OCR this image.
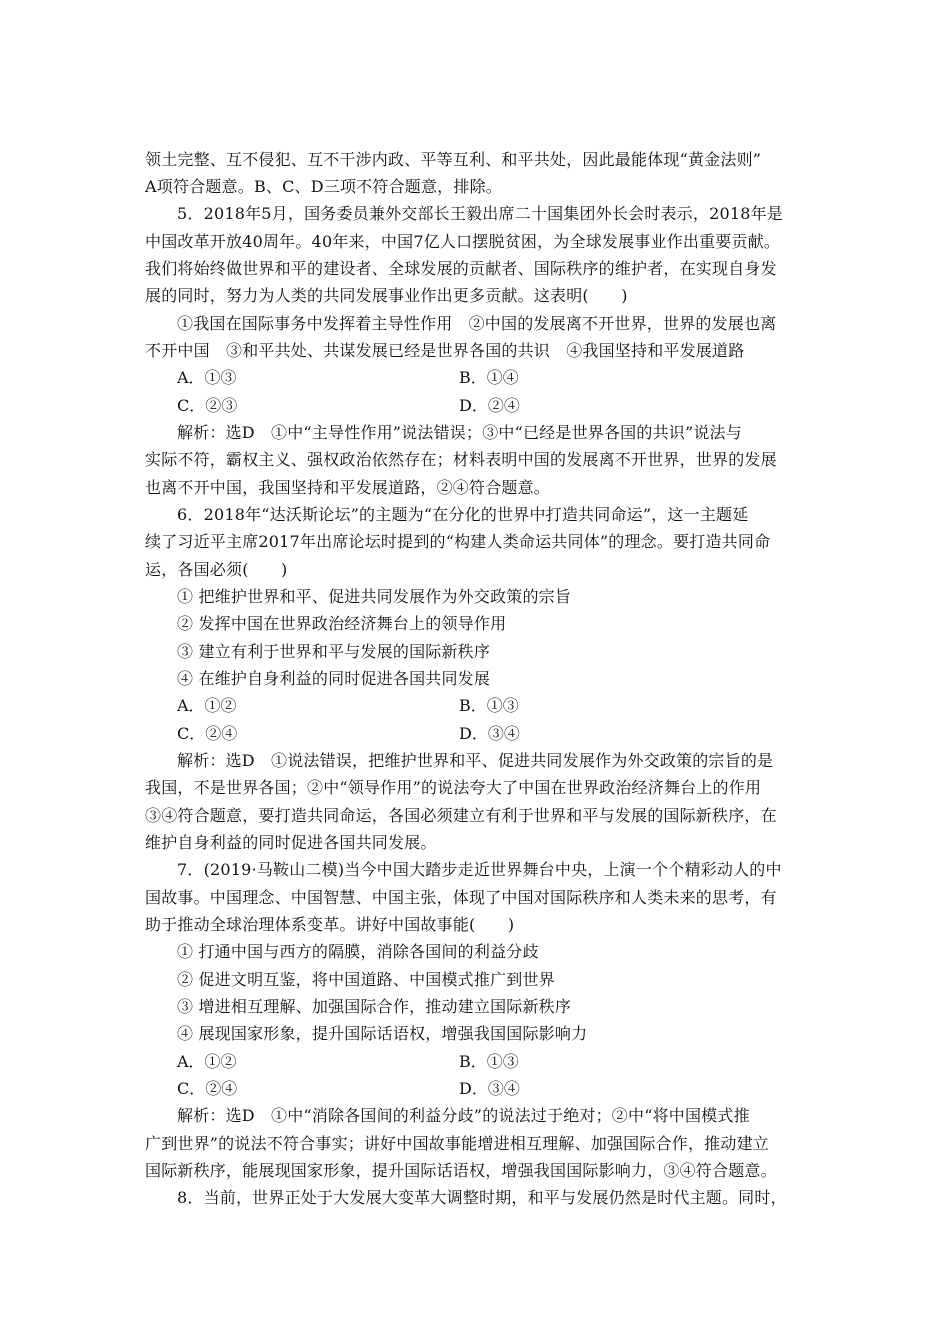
领土完整、互不侵犯、互不干涉内政、平等互利、和平共处，因此最能体现“黄金法则”
A项符合题意。B、C、D三项不符合题意，排除。
5．2018年5月，国务委员兼外交部长王毅出席二十国集团外长会时表示，2018年是
中国改革开放40周年。40年来，中国7亿人口摆脱贫困，为全球发展事业作出重要贡献。
我们将始终做世界和平的建设者、全球发展的贡献者、国际秩序的维护者，在实现自身发
展的同时，努力为人类的共同发展事业作出更多贡献。这表明(　　)
①我国在国际事务中发挥着主导性作用　②中国的发展离不开世界，世界的发展也离
不开中国　③和平共处、共谋发展已经是世界各国的共识　④我国坚持和平发展道路
A．①③	B．①④
C．②③	D．②④
解析：选D　①中“主导性作用”说法错误；③中“已经是世界各国的共识”说法与
实际不符，霸权主义、强权政治依然存在；材料表明中国的发展离不开世界，世界的发展
也离不开中国，我国坚持和平发展道路，②④符合题意。
6．2018年“达沃斯论坛”的主题为“在分化的世界中打造共同命运”，这一主题延
续了习近平主席2017年出席论坛时提到的“构建人类命运共同体”的理念。要打造共同命
运，各国必须(　　)
① 把维护世界和平、促进共同发展作为外交政策的宗旨
② 发挥中国在世界政治经济舞台上的领导作用
③ 建立有利于世界和平与发展的国际新秩序
④ 在维护自身利益的同时促进各国共同发展
A．①②	B．①③
C．②④	D．③④
解析：选D　①说法错误，把维护世界和平、促进共同发展作为外交政策的宗旨的是
我国，不是世界各国；②中“领导作用”的说法夸大了中国在世界政治经济舞台上的作用
③④符合题意，要打造共同命运，各国必须建立有利于世界和平与发展的国际新秩序，在
维护自身利益的同时促进各国共同发展。
7．(2019·马鞍山二模)当今中国大踏步走近世界舞台中央，上演一个个精彩动人的中
国故事。中国理念、中国智慧、中国主张，体现了中国对国际秩序和人类未来的思考，有
助于推动全球治理体系变革。讲好中国故事能(　　)
① 打通中国与西方的隔膜，消除各国间的利益分歧
② 促进文明互鉴，将中国道路、中国模式推广到世界
③ 增进相互理解、加强国际合作，推动建立国际新秩序
④ 展现国家形象，提升国际话语权，增强我国国际影响力
A．①②	B．①③
C．②④	D．③④
解析：选D　①中“消除各国间的利益分歧”的说法过于绝对；②中“将中国模式推
广到世界”的说法不符合事实；讲好中国故事能增进相互理解、加强国际合作，推动建立
国际新秩序，能展现国家形象，提升国际话语权，增强我国国际影响力，③④符合题意。
8．当前，世界正处于大发展大变革大调整时期，和平与发展仍然是时代主题。同时，
